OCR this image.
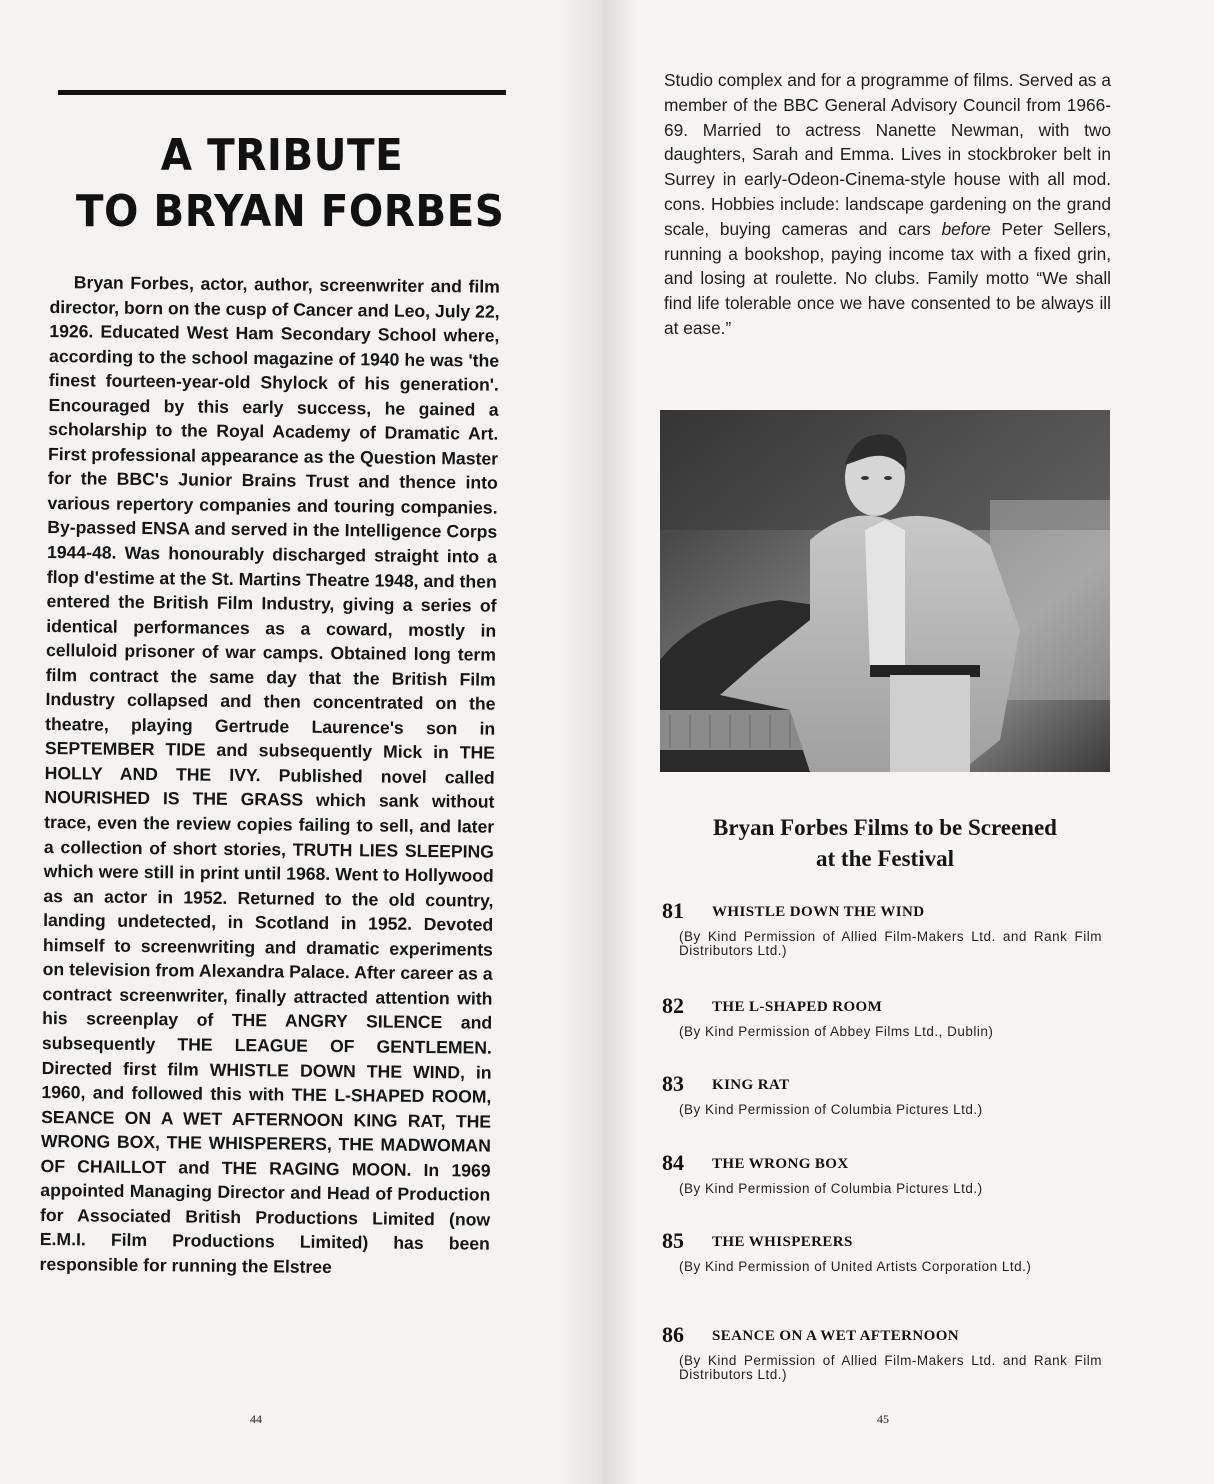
A TRIBUTE
TO BRYAN FORBES

Bryan Forbes, actor, author, screenwriter and film director, born on the cusp of Cancer and Leo, July 22, 1926. Educated West Ham Secondary School where, according to the school magazine of 1940 he was 'the finest fourteen-year-old Shylock of his generation'. Encouraged by this early success, he gained a scholarship to the Royal Academy of Dramatic Art. First professional appearance as the Question Master for the BBC's Junior Brains Trust and thence into various repertory companies and touring companies. By-passed ENSA and served in the Intelligence Corps 1944-48. Was honourably discharged straight into a flop d'estime at the St. Martins Theatre 1948, and then entered the British Film Industry, giving a series of identical performances as a coward, mostly in celluloid prisoner of war camps. Obtained long term film contract the same day that the British Film Industry collapsed and then concentrated on the theatre, playing Gertrude Laurence's son in SEPTEMBER TIDE and subsequently Mick in THE HOLLY AND THE IVY. Published novel called NOURISHED IS THE GRASS which sank without trace, even the review copies failing to sell, and later a collection of short stories, TRUTH LIES SLEEPING which were still in print until 1968. Went to Hollywood as an actor in 1952. Returned to the old country, landing undetected, in Scotland in 1952. Devoted himself to screenwriting and dramatic experiments on television from Alexandra Palace. After career as a contract screenwriter, finally attracted attention with his screenplay of THE ANGRY SILENCE and subsequently THE LEAGUE OF GENTLEMEN. Directed first film WHISTLE DOWN THE WIND, in 1960, and followed this with THE L-SHAPED ROOM, SEANCE ON A WET AFTERNOON KING RAT, THE WRONG BOX, THE WHISPERERS, THE MADWOMAN OF CHAILLOT and THE RAGING MOON. In 1969 appointed Managing Director and Head of Production for Associated British Productions Limited (now E.M.I. Film Productions Limited) has been responsible for running the Elstree

44

Studio complex and for a programme of films. Served as a member of the BBC General Advisory Council from 1966-69. Married to actress Nanette Newman, with two daughters, Sarah and Emma. Lives in stockbroker belt in Surrey in early-Odeon-Cinema-style house with all mod. cons. Hobbies include: landscape gardening on the grand scale, buying cameras and cars before Peter Sellers, running a bookshop, paying income tax with a fixed grin, and losing at roulette. No clubs. Family motto “We shall find life tolerable once we have consented to be always ill at ease.”

Bryan Forbes Films to be Screened
at the Festival
81 WHISTLE DOWN THE WIND
(By Kind Permission of Allied Film-Makers Ltd. and Rank Film Distributors Ltd.)
82 THE L-SHAPED ROOM
(By Kind Permission of Abbey Films Ltd., Dublin)
83 KING RAT
(By Kind Permission of Columbia Pictures Ltd.)
84 THE WRONG BOX
(By Kind Permission of Columbia Pictures Ltd.)
85 THE WHISPERERS
(By Kind Permission of United Artists Corporation Ltd.)
86 SEANCE ON A WET AFTERNOON
(By Kind Permission of Allied Film-Makers Ltd. and Rank Film Distributors Ltd.)
45
